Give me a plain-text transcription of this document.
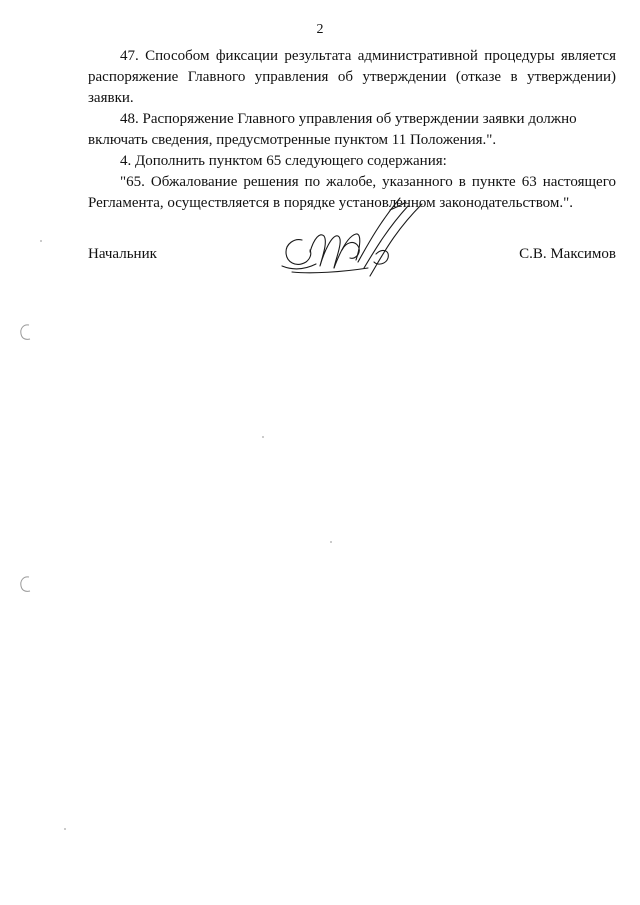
2

47. Способом фиксации результата административной процедуры является распоряжение Главного управления об утверждении (отказе в утверждении) заявки.

48. Распоряжение Главного управления об утверждении заявки должно
включать сведения, предусмотренные пунктом 11 Положения.".

4. Дополнить пунктом 65 следующего содержания:

"65. Обжалование решения по жалобе, указанного в пункте 63 настоящего Регламента, осуществляется в порядке установленном законодательством.".

Начальник	С.В. Максимов
